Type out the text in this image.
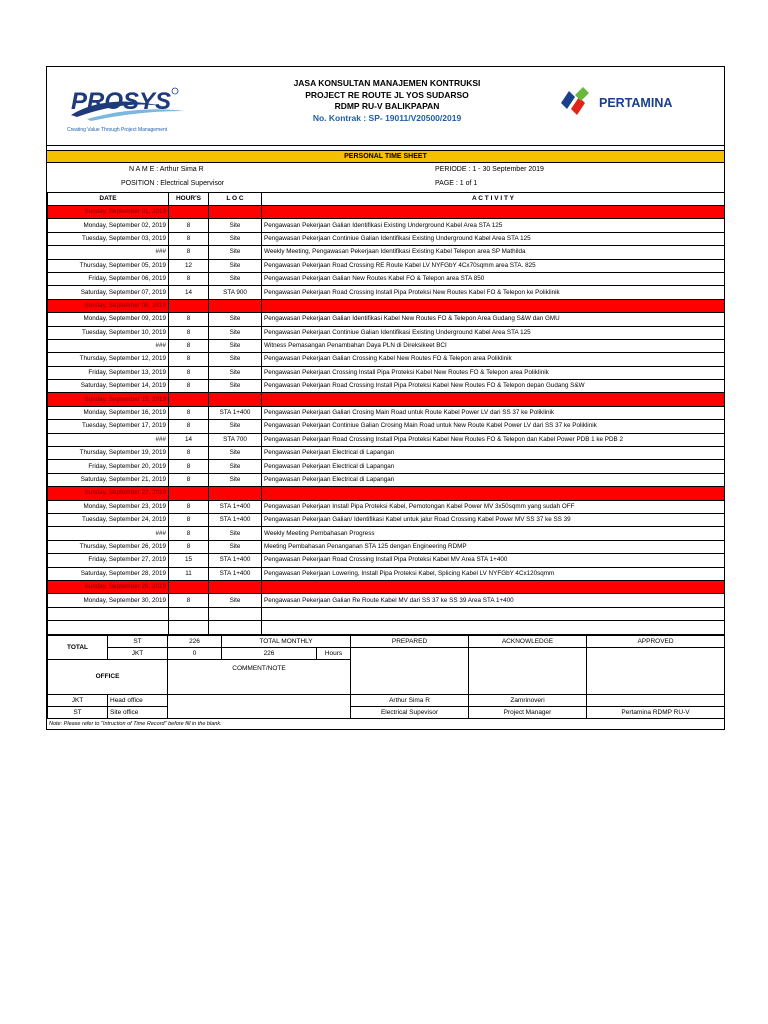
PROSYS
Creating Value Through Project Management
JASA KONSULTAN MANAJEMEN KONTRUKSI
PROJECT RE ROUTE JL YOS SUDARSO
RDMP RU-V BALIKPAPAN
No. Kontrak : SP- 19011/V20500/2019
PERTAMINA
PERSONAL TIME SHEET
N A M E : Arthur Sima R
POSITION : Electrical Supervisor
PERIODE : 1 - 30 September 2019
PAGE : 1 of 1
DATE	HOUR'S	L O C	A C T I V I T Y
Sunday, September 01, 2019	-	-	-
Monday, September 02, 2019	8	Site	Pengawasan Pekerjaan Galian Identifikasi Existing Underground Kabel Area STA 125
Tuesday, September 03, 2019	8	Site	Pengawasan Pekerjaan Continiue Galian Identifikasi Existing Underground Kabel Area STA 125
###	8	Site	Weekly Meeting, Pengawasan Pekerjaan Identifikasi Existing Kabel Telepon area SP Mathilda
Thursday, September 05, 2019	12	Site	Pengawasan Pekerjaan Road Crossing RE Route Kabel LV NYFGbY 4Cx70sqmm area STA. 825
Friday, September 06, 2019	8	Site	Pengawasan Pekerjaan Galian New Routes Kabel FO & Telepon area STA 850
Saturday, September 07, 2019	14	STA 900	Pengawasan Pekerjaan Road Crossing Install Pipa Proteksi New Routes Kabel FO & Telepon ke Poliklinik
Sunday, September 08, 2019	-	-	-
Monday, September 09, 2019	8	Site	Pengawasan Pekerjaan Galian Identifikasi Kabel New Routes FO & Telepon Area Gudang S&W dan GMU
Tuesday, September 10, 2019	8	Site	Pengawasan Pekerjaan Continiue Galian Identifikasi Existing Underground Kabel Area STA 125
###	8	Site	Witness Pemasangan Penambahan Daya PLN di Direksikeet BCI
Thursday, September 12, 2019	8	Site	Pengawasan Pekerjaan Galian Crossing Kabel New Routes FO & Telepon area Poliklinik
Friday, September 13, 2019	8	Site	Pengawasan Pekerjaan Crossing Install Pipa Proteksi Kabel New Routes FO & Telepon area Poliklinik
Saturday, September 14, 2019	8	Site	Pengawasan Pekerjaan Road Crossing Install Pipa Proteksi Kabel New Routes FO & Telepon depan Gudang S&W
Sunday, September 15, 2019	-	-	-
Monday, September 16, 2019	8	STA 1+400	Pengawasan Pekerjaan Galian Crosing Main Road untuk Route Kabel Power LV dari SS 37 ke Poliklinik
Tuesday, September 17, 2019	8	Site	Pengawasan Pekerjaan Continiue Galian Crosing Main Road untuk New Route Kabel Power LV dari SS 37 ke Poliklinik
###	14	STA 700	Pengawasan Pekerjaan Road Crossing Install Pipa Proteksi Kabel New Routes FO & Telepon dan Kabel Power PDB 1 ke PDB 2
Thursday, September 19, 2019	8	Site	Pengawasan Pekerjaan Electrical di Lapangan
Friday, September 20, 2019	8	Site	Pengawasan Pekerjaan Electrical di Lapangan
Saturday, September 21, 2019	8	Site	Pengawasan Pekerjaan Electrical di Lapangan
Sunday, September 22, 2019	-	-	-
Monday, September 23, 2019	8	STA 1+400	Pengawasan Pekerjaan Install Pipa Proteksi Kabel, Pemotongan Kabel Power MV 3x50sqmm yang sudah OFF
Tuesday, September 24, 2019	8	STA 1+400	Pengawasan Pekerjaan Galian/ Identifikasi Kabel untuk jalur Road Crossing Kabel Power MV SS 37 ke SS 39
###	8	Site	Weekly Meeting Pembahasan Progress
Thursday, September 26, 2019	8	Site	Meeting Pembahasan Penanganan STA 125 dengan Engineering RDMP
Friday, September 27, 2019	15	STA 1+400	Pengawasan Pekerjaan Road Crossing Install Pipa Proteksi Kabel MV Area STA 1+400
Saturday, September 28, 2019	11	STA 1+400	Pengawasan Pekerjaan Lowering, Install Pipa Proteksi Kabel, Splicing Kabel LV NYFGbY 4Cx120sqmm
Sunday, September 29, 2019	-	-	-
Monday, September 30, 2019	8	Site	Pengawasan Pekerjaan Galian Re Route Kabel MV dari SS 37 ke SS 39 Area STA 1+400

TOTAL	ST	226	TOTAL MONTHLY		PREPARED	ACKNOWLEDGE	APPROVED
	JKT	0	226	Hours			
OFFICE		COMMENT/NOTE					

JKT	Head office				Arthur Sima R	Zamrinoveri	
ST	Site office				Electrical Supevisor	Project Manager	Pertamina RDMP RU-V
Note: Please refer to "Intruction of Time Record" before fill in the blank.
